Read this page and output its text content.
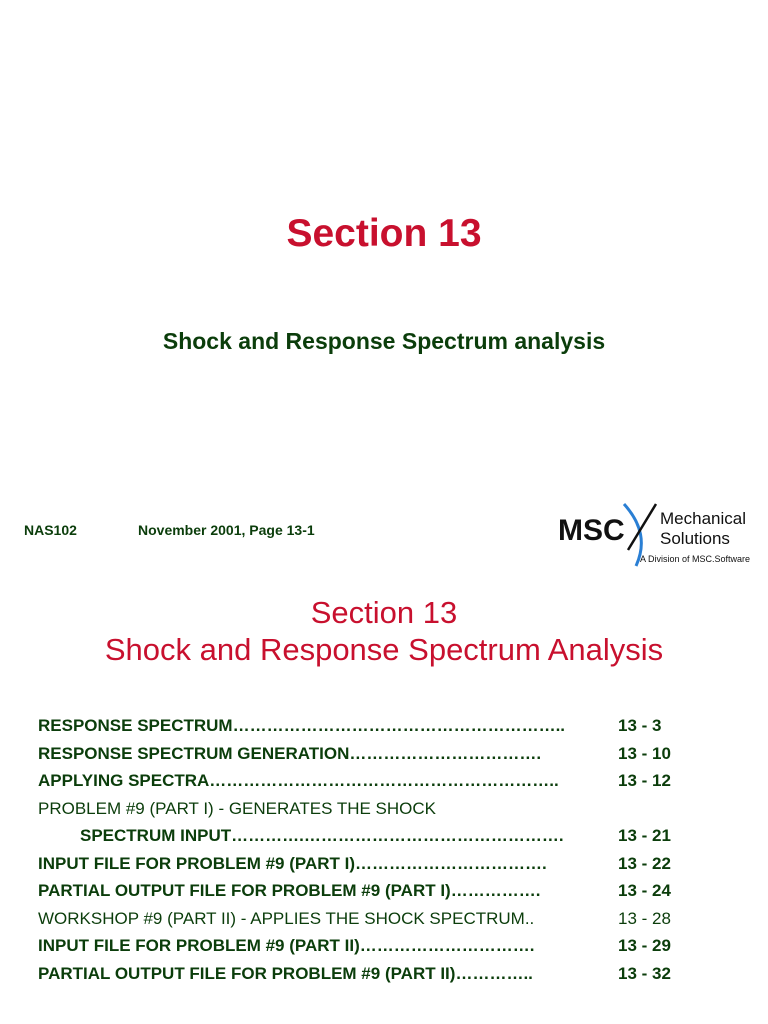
Section 13
Shock and Response Spectrum analysis
NAS102	November 2001, Page 13-1	MSC Mechanical
Solutions
A Division of MSC.Software
Section 13
Shock and Response Spectrum Analysis
RESPONSE SPECTRUM…………………………………………………..	13 - 3
RESPONSE SPECTRUM GENERATION…………………………….	13 - 10
APPLYING SPECTRA……………………………………………………..	13 - 12
PROBLEM #9 (PART I) - GENERATES THE SHOCK
SPECTRUM INPUT………….……………………………………….	13 - 21
INPUT FILE FOR PROBLEM #9 (PART I)…………………………….	13 - 22
PARTIAL OUTPUT FILE FOR PROBLEM #9 (PART I)…………….	13 - 24
WORKSHOP #9 (PART II) - APPLIES THE SHOCK SPECTRUM..	13 - 28
INPUT FILE FOR PROBLEM #9 (PART II)………………………….	13 - 29
PARTIAL OUTPUT FILE FOR PROBLEM #9 (PART II)…………..	13 - 32
